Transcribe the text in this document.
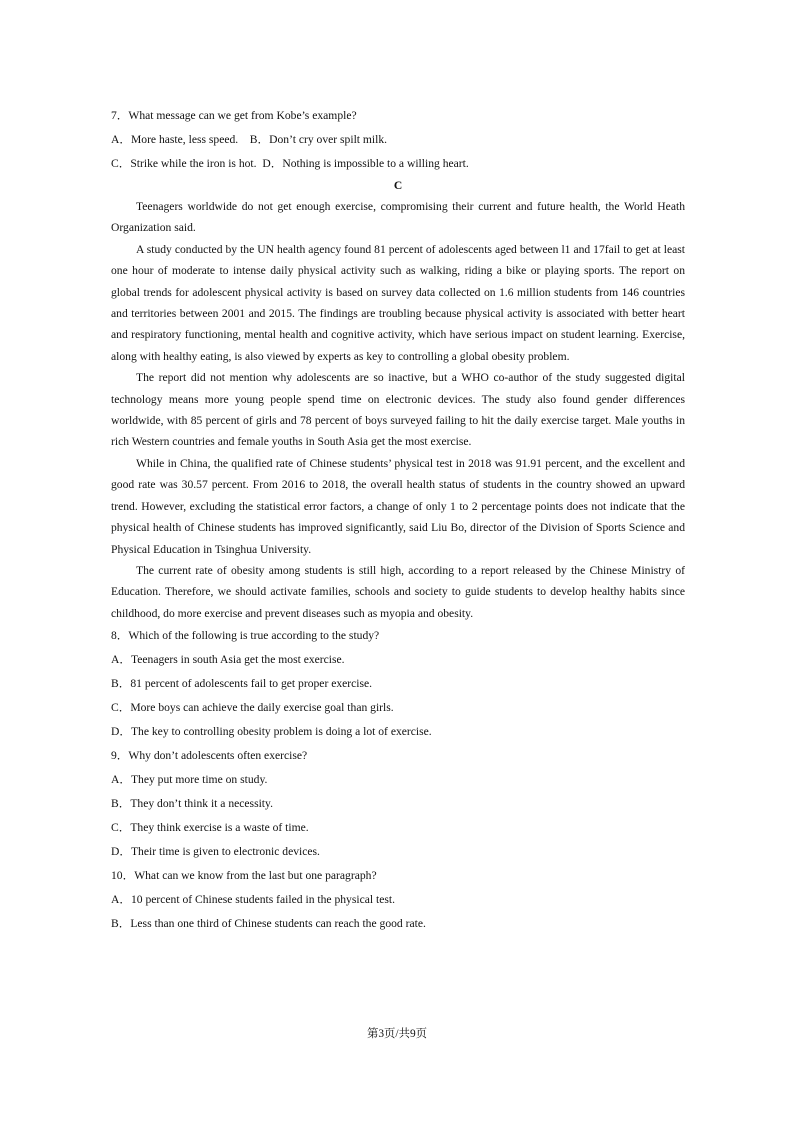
7．What message can we get from Kobe’s example?
A．More haste, less speed.    B．Don’t cry over spilt milk.
C．Strike while the iron is hot.  D．Nothing is impossible to a willing heart.
C

Teenagers worldwide do not get enough exercise, compromising their current and future health, the World Heath Organization said.

A study conducted by the UN health agency found 81 percent of adolescents aged between l1 and 17fail to get at least one hour of moderate to intense daily physical activity such as walking, riding a bike or playing sports. The report on global trends for adolescent physical activity is based on survey data collected on 1.6 million students from 146 countries and territories between 2001 and 2015. The findings are troubling because physical activity is associated with better heart and respiratory functioning, mental health and cognitive activity, which have serious impact on student learning. Exercise, along with healthy eating, is also viewed by experts as key to controlling a global obesity problem.

The report did not mention why adolescents are so inactive, but a WHO co-author of the study suggested digital technology means more young people spend time on electronic devices. The study also found gender differences worldwide, with 85 percent of girls and 78 percent of boys surveyed failing to hit the daily exercise target. Male youths in rich Western countries and female youths in South Asia get the most exercise.

While in China, the qualified rate of Chinese students’ physical test in 2018 was 91.91 percent, and the excellent and good rate was 30.57 percent. From 2016 to 2018, the overall health status of students in the country showed an upward trend. However, excluding the statistical error factors, a change of only 1 to 2 percentage points does not indicate that the physical health of Chinese students has improved significantly, said Liu Bo, director of the Division of Sports Science and Physical Education in Tsinghua University.

The current rate of obesity among students is still high, according to a report released by the Chinese Ministry of Education. Therefore, we should activate families, schools and society to guide students to develop healthy habits since childhood, do more exercise and prevent diseases such as myopia and obesity.

8．Which of the following is true according to the study?
A．Teenagers in south Asia get the most exercise.
B．81 percent of adolescents fail to get proper exercise.
C．More boys can achieve the daily exercise goal than girls.
D．The key to controlling obesity problem is doing a lot of exercise.
9．Why don’t adolescents often exercise?
A．They put more time on study.
B．They don’t think it a necessity.
C．They think exercise is a waste of time.
D．Their time is given to electronic devices.
10．What can we know from the last but one paragraph?
A．10 percent of Chinese students failed in the physical test.
B．Less than one third of Chinese students can reach the good rate.
第3页/共9页
